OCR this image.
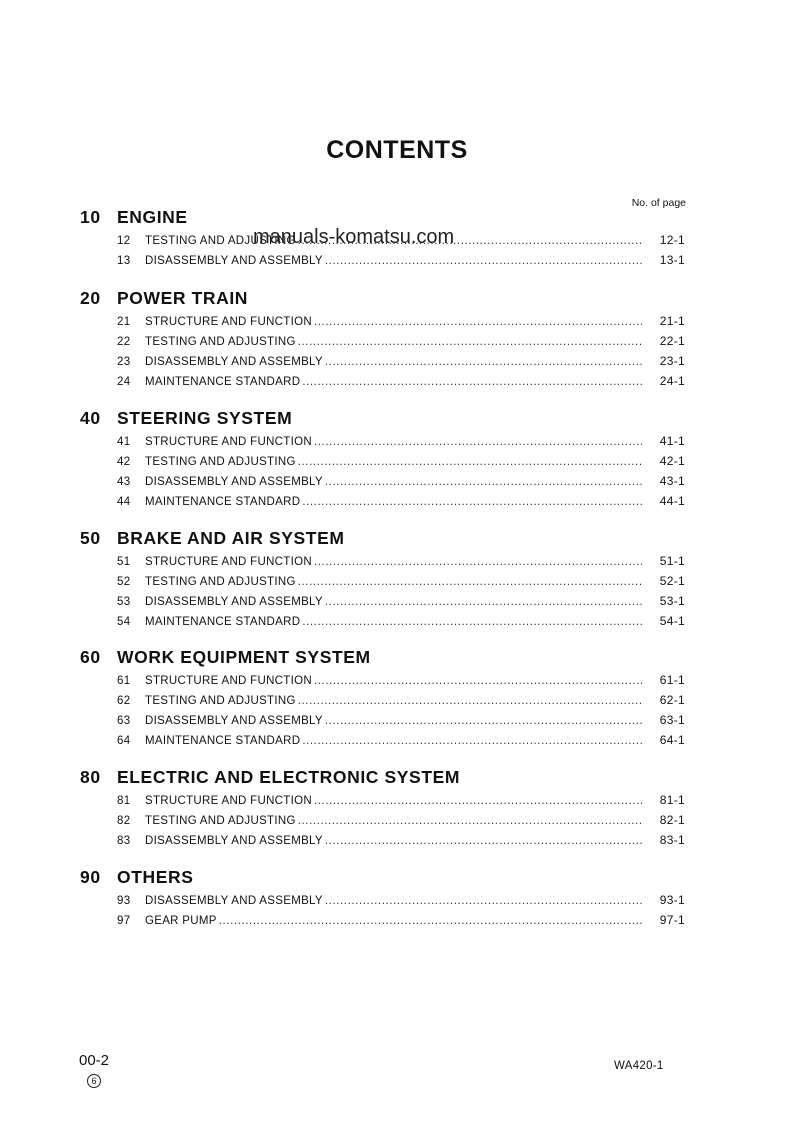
CONTENTS
No. of page
10 ENGINE
12	TESTING AND ADJUSTING . . .	12-1
13	DISASSEMBLY AND ASSEMBLY . . .	13-1
manuals-komatsu.com
20 POWER TRAIN
21	STRUCTURE AND FUNCTION . . .	21-1
22	TESTING AND ADJUSTING . . .	22-1
23	DISASSEMBLY AND ASSEMBLY . . .	23-1
24	MAINTENANCE STANDARD . . .	24-1
40 STEERING SYSTEM
41	STRUCTURE AND FUNCTION . . .	41-1
42	TESTING AND ADJUSTING . . .	42-1
43	DISASSEMBLY AND ASSEMBLY . . .	43-1
44	MAINTENANCE STANDARD . . .	44-1
50 BRAKE AND AIR SYSTEM
51	STRUCTURE AND FUNCTION . . .	51-1
52	TESTING AND ADJUSTING . . .	52-1
53	DISASSEMBLY AND ASSEMBLY . . .	53-1
54	MAINTENANCE STANDARD . . .	54-1
60 WORK EQUIPMENT SYSTEM
61	STRUCTURE AND FUNCTION . . .	61-1
62	TESTING AND ADJUSTING . . .	62-1
63	DISASSEMBLY AND ASSEMBLY . . .	63-1
64	MAINTENANCE STANDARD . . .	64-1
80 ELECTRIC AND ELECTRONIC SYSTEM
81	STRUCTURE AND FUNCTION . . .	81-1
82	TESTING AND ADJUSTING . . .	82-1
83	DISASSEMBLY AND ASSEMBLY . . .	83-1
90 OTHERS
93	DISASSEMBLY AND ASSEMBLY . . .	93-1
97	GEAR PUMP . . .	97-1
00-2
6
WA420-1
